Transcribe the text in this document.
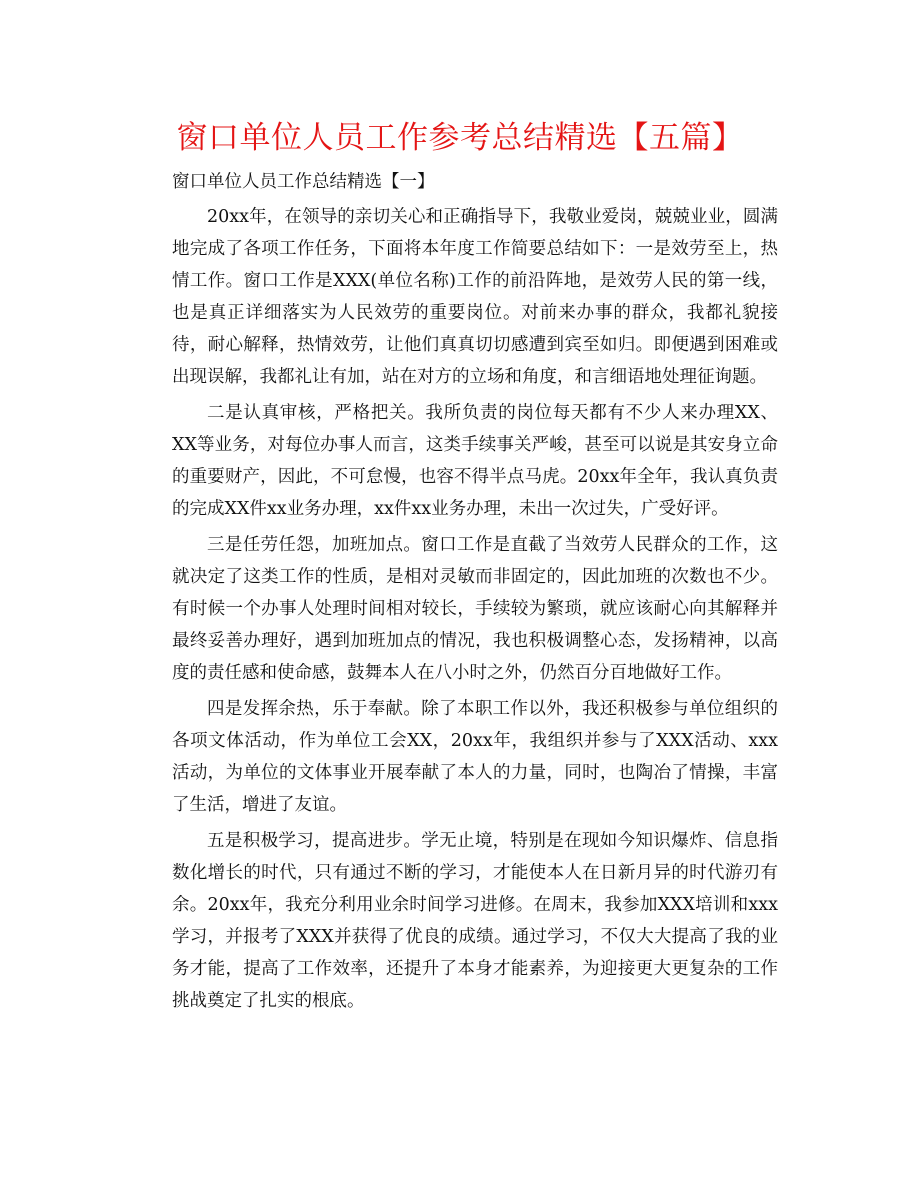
窗口单位人员工作参考总结精选【五篇】
窗口单位人员工作总结精选【一】

20xx年，在领导的亲切关心和正确指导下，我敬业爱岗，兢兢业业，圆满地完成了各项工作任务，下面将本年度工作简要总结如下：一是效劳至上，热情工作。窗口工作是XXX(单位名称)工作的前沿阵地，是效劳人民的第一线，也是真正详细落实为人民效劳的重要岗位。对前来办事的群众，我都礼貌接待，耐心解释，热情效劳，让他们真真切切感遭到宾至如归。即便遇到困难或出现误解，我都礼让有加，站在对方的立场和角度，和言细语地处理征询题。

二是认真审核，严格把关。我所负责的岗位每天都有不少人来办理XX、XX等业务，对每位办事人而言，这类手续事关严峻，甚至可以说是其安身立命的重要财产，因此，不可怠慢，也容不得半点马虎。20xx年全年，我认真负责的完成XX件xx业务办理，xx件xx业务办理，未出一次过失，广受好评。

三是任劳任怨，加班加点。窗口工作是直截了当效劳人民群众的工作，这就决定了这类工作的性质，是相对灵敏而非固定的，因此加班的次数也不少。有时候一个办事人处理时间相对较长，手续较为繁琐，就应该耐心向其解释并最终妥善办理好，遇到加班加点的情况，我也积极调整心态，发扬精神，以高度的责任感和使命感，鼓舞本人在八小时之外，仍然百分百地做好工作。

四是发挥余热，乐于奉献。除了本职工作以外，我还积极参与单位组织的各项文体活动，作为单位工会XX，20xx年，我组织并参与了XXX活动、xxx活动，为单位的文体事业开展奉献了本人的力量，同时，也陶冶了情操，丰富了生活，增进了友谊。

五是积极学习，提高进步。学无止境，特别是在现如今知识爆炸、信息指数化增长的时代，只有通过不断的学习，才能使本人在日新月异的时代游刃有余。20xx年，我充分利用业余时间学习进修。在周末，我参加XXX培训和xxx学习，并报考了XXX并获得了优良的成绩。通过学习，不仅大大提高了我的业务才能，提高了工作效率，还提升了本身才能素养，为迎接更大更复杂的工作挑战奠定了扎实的根底。
